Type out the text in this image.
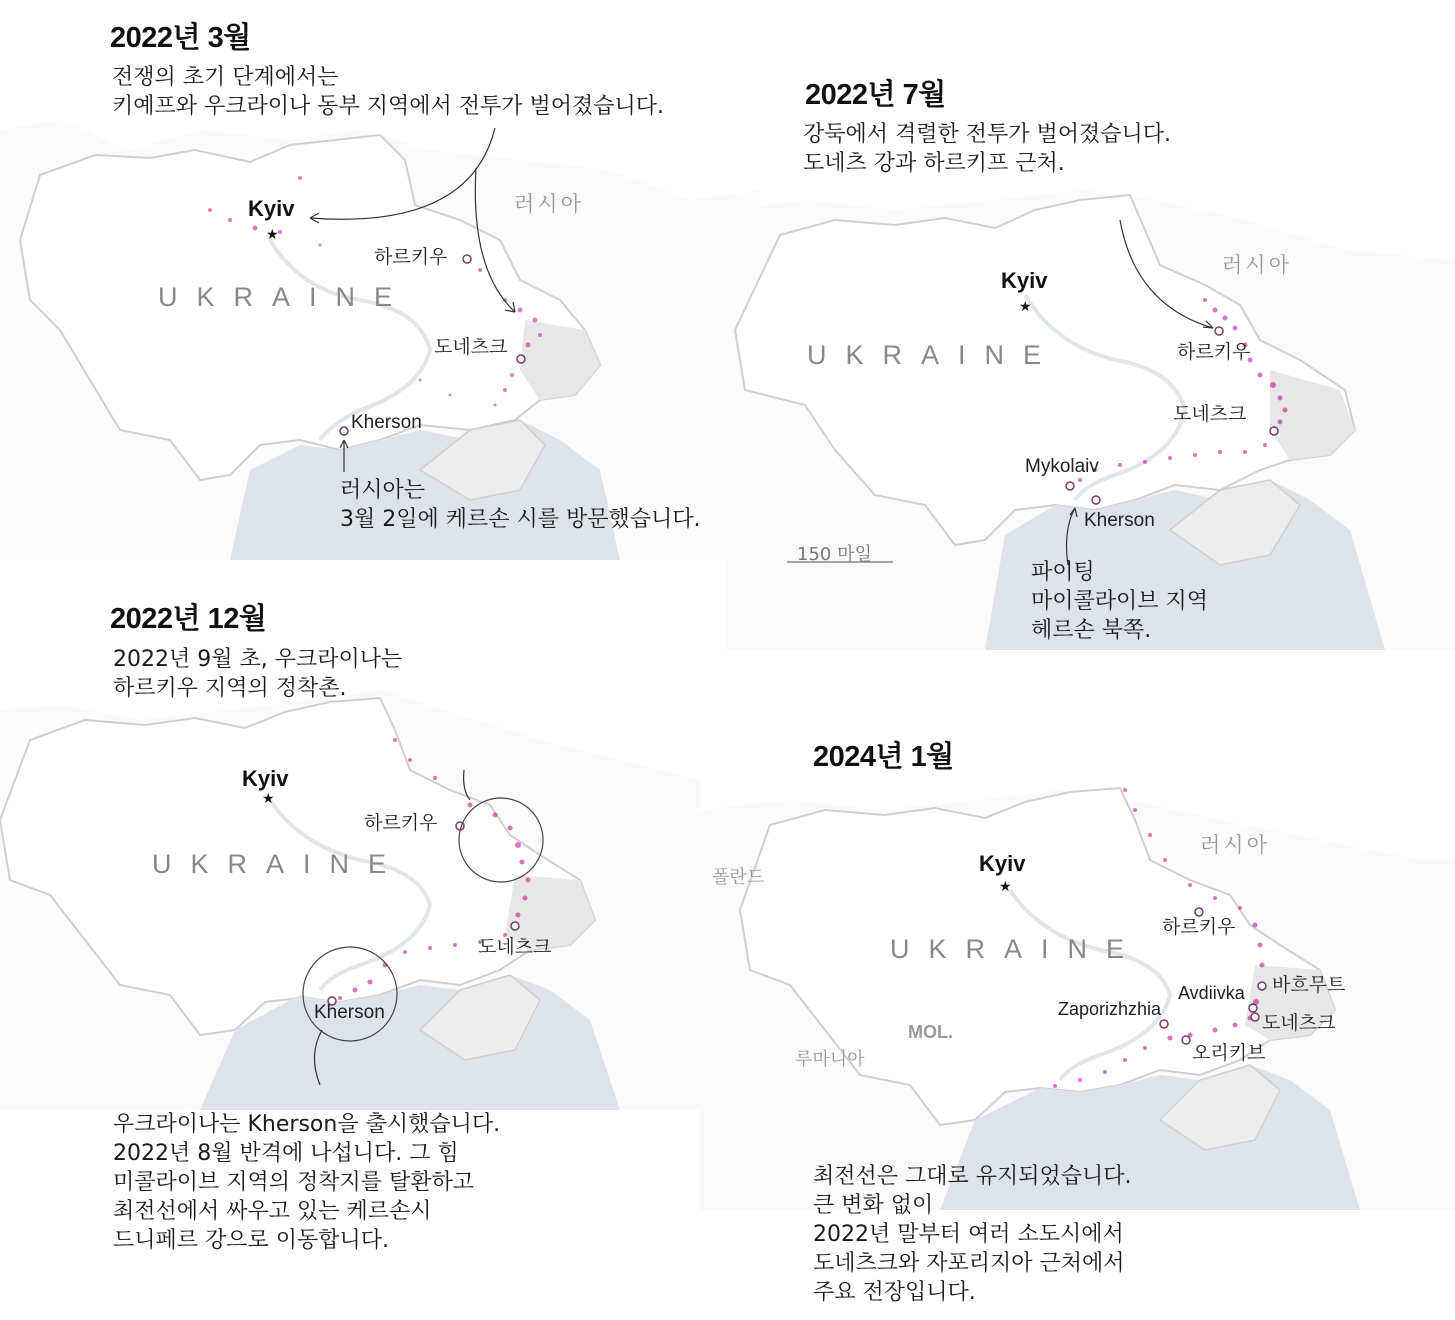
★
2022년 3월
전쟁의 초기 단계에서는
키예프와 우크라이나 동부 지역에서 전투가 벌어졌습니다.
Kyiv	러시아
하르키우
UKRAINE
도네츠크
Kherson
러시아는
3월 2일에 케르손 시를 방문했습니다.
★
2022년 7월
강둑에서 격렬한 전투가 벌어졌습니다.
도네츠 강과 하르키프 근처.
Kyiv
러시아
UKRAINE	하르키우
도네츠크
Mykolaiv
Kherson
150 마일
파이팅
마이콜라이브 지역
헤르손 북쪽.
★
2022년 12월
2022년 9월 초, 우크라이나는
하르키우 지역의 정착촌.
Kyiv
하르키우
UKRAINE
도네츠크
Kherson
우크라이나는 Kherson을 출시했습니다.
2022년 8월 반격에 나섭니다. 그 힘
미콜라이브 지역의 정착지를 탈환하고
최전선에서 싸우고 있는 케르손시
드니페르 강으로 이동합니다.
★
2024년 1월
러시아
Kyiv
폴란드
하르키우
UKRAINE
바흐무트
Avdiivka
Zaporizhzhia
도네츠크
MOL.
오리키브
루마니아
최전선은 그대로 유지되었습니다.
큰 변화 없이
2022년 말부터 여러 소도시에서
도네츠크와 자포리지아 근처에서
주요 전장입니다.
